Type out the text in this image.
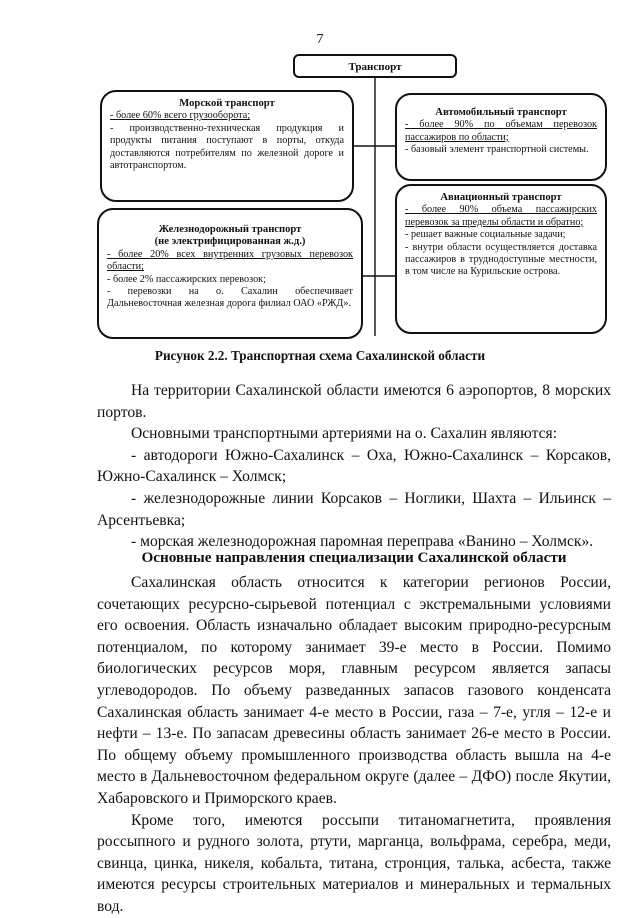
7
Транспорт
Морской транспорт
- более 60% всего грузооборота;
- производственно-техническая продукция и продукты питания поступают в порты, откуда доставляются потребителям по железной дороге и автотранспортом.
Железнодорожный транспорт
(не электрифицированная ж.д.)
- более 20% всех внутренних грузовых перевозок области;
- более 2% пассажирских перевозок;
- перевозки на о. Сахалин обеспечивает Дальневосточная железная дорога филиал ОАО «РЖД».
Автомобильный транспорт
- более 90% по объемам перевозок пассажиров по области;
- базовый элемент транспортной системы.
Авиационный транспорт
- более 90% объема пассажирских перевозок за пределы области и обратно;
- решает важные социальные задачи;
- внутри области осуществляется доставка пассажиров в труднодоступные местности, в том числе на Курильские острова.
Рисунок 2.2. Транспортная схема Сахалинской области

На территории Сахалинской области имеются 6 аэропортов, 8 морских портов.

Основными транспортными артериями на о. Сахалин являются:

- автодороги Южно-Сахалинск – Оха, Южно-Сахалинск – Корсаков, Южно-Сахалинск – Холмск;

- железнодорожные линии Корсаков – Ноглики, Шахта – Ильинск – Арсентьевка;

- морская железнодорожная паромная переправа «Ванино – Холмск».

Основные направления специализации Сахалинской области

Сахалинская область относится к категории регионов России, сочетающих ресурсно-сырьевой потенциал с экстремальными условиями его освоения. Область изначально обладает высоким природно-ресурсным потенциалом, по которому занимает 39-е место в России. Помимо биологических ресурсов моря, главным ресурсом является запасы углеводородов. По объему разведанных запасов газового конденсата Сахалинская область занимает 4-е место в России, газа – 7-е, угля – 12-е и нефти – 13-е. По запасам древесины область занимает 26-е место в России. По общему объему промышленного производства область вышла на 4-е место в Дальневосточном федеральном округе (далее – ДФО) после Якутии, Хабаровского и Приморского краев.

Кроме того, имеются россыпи титаномагнетита, проявления россыпного и рудного золота, ртути, марганца, вольфрама, серебра, меди, свинца, цинка, никеля, кобальта, титана, стронция, талька, асбеста, также имеются ресурсы строительных материалов и минеральных и термальных вод.
